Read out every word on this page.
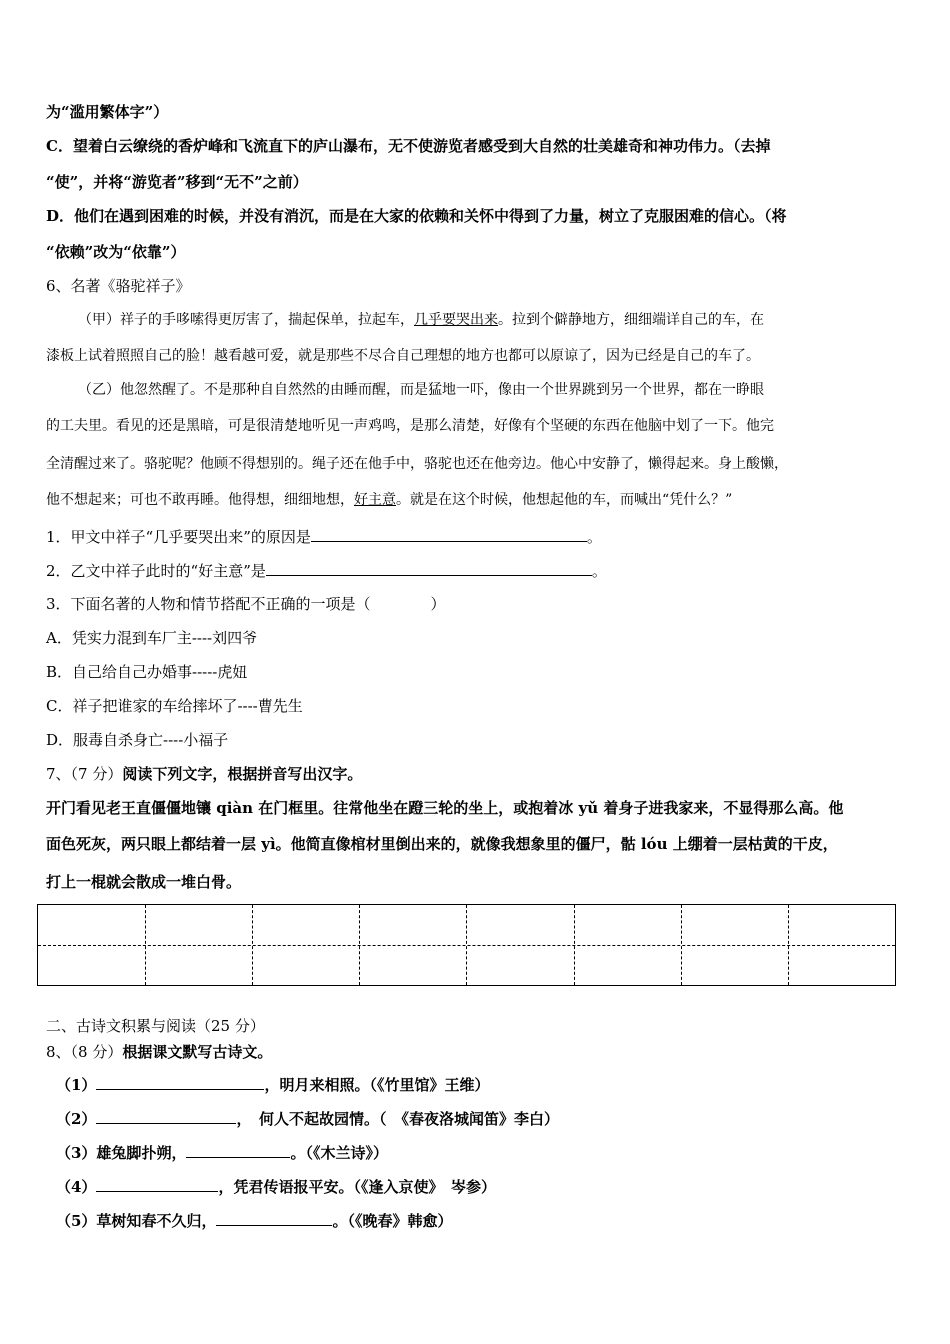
为“滥用繁体字”）
C．望着白云缭绕的香炉峰和飞流直下的庐山瀑布，无不使游览者感受到大自然的壮美雄奇和神功伟力。（去掉
“使”，并将“游览者”移到“无不”之前）
D．他们在遇到困难的时候，并没有消沉，而是在大家的依赖和关怀中得到了力量，树立了克服困难的信心。（将
“依赖”改为“依靠”）
6、名著《骆驼祥子》
（甲）祥子的手哆嗦得更厉害了，揣起保单，拉起车，几乎要哭出来。拉到个僻静地方，细细端详自己的车，在
漆板上试着照照自己的脸！越看越可爱，就是那些不尽合自己理想的地方也都可以原谅了，因为已经是自己的车了。
（乙）他忽然醒了。不是那种自自然然的由睡而醒，而是猛地一吓，像由一个世界跳到另一个世界，都在一睁眼
的工夫里。看见的还是黑暗，可是很清楚地听见一声鸡鸣，是那么清楚，好像有个坚硬的东西在他脑中划了一下。他完
全清醒过来了。骆驼呢？他顾不得想别的。绳子还在他手中，骆驼也还在他旁边。他心中安静了，懒得起来。身上酸懒，
他不想起来；可也不敢再睡。他得想，细细地想，好主意。就是在这个时候，他想起他的车，而喊出“凭什么？”
1．甲文中祥子“几乎要哭出来”的原因是	。
2．乙文中祥子此时的“好主意”是	。
3．下面名著的人物和情节搭配不正确的一项是（　　　　）
A．凭实力混到车厂主----刘四爷
B．自己给自己办婚事-----虎妞
C．祥子把谁家的车给摔坏了----曹先生
D．服毒自杀身亡----小福子
7、（7 分）阅读下列文字，根据拼音写出汉字。
开门看见老王直僵僵地镶 qiàn 在门框里。往常他坐在蹬三轮的坐上，或抱着冰 yǔ 着身子进我家来，不显得那么高。他
面色死灰，两只眼上都结着一层 yì。他简直像棺材里倒出来的，就像我想象里的僵尸，骷 lóu 上绷着一层枯黄的干皮，
打上一棍就会散成一堆白骨。
二、古诗文积累与阅读（25 分）
8、（8 分）根据课文默写古诗文。
（1）	，明月来相照。（《竹里馆》王维）
（2）	，　何人不起故园情。（　《春夜洛城闻笛》李白）
（3）雄兔脚扑朔，	。（《木兰诗》）
（4）	，凭君传语报平安。（《逢入京使》　岑参）
（5）草树知春不久归，	。（《晚春》韩愈）
